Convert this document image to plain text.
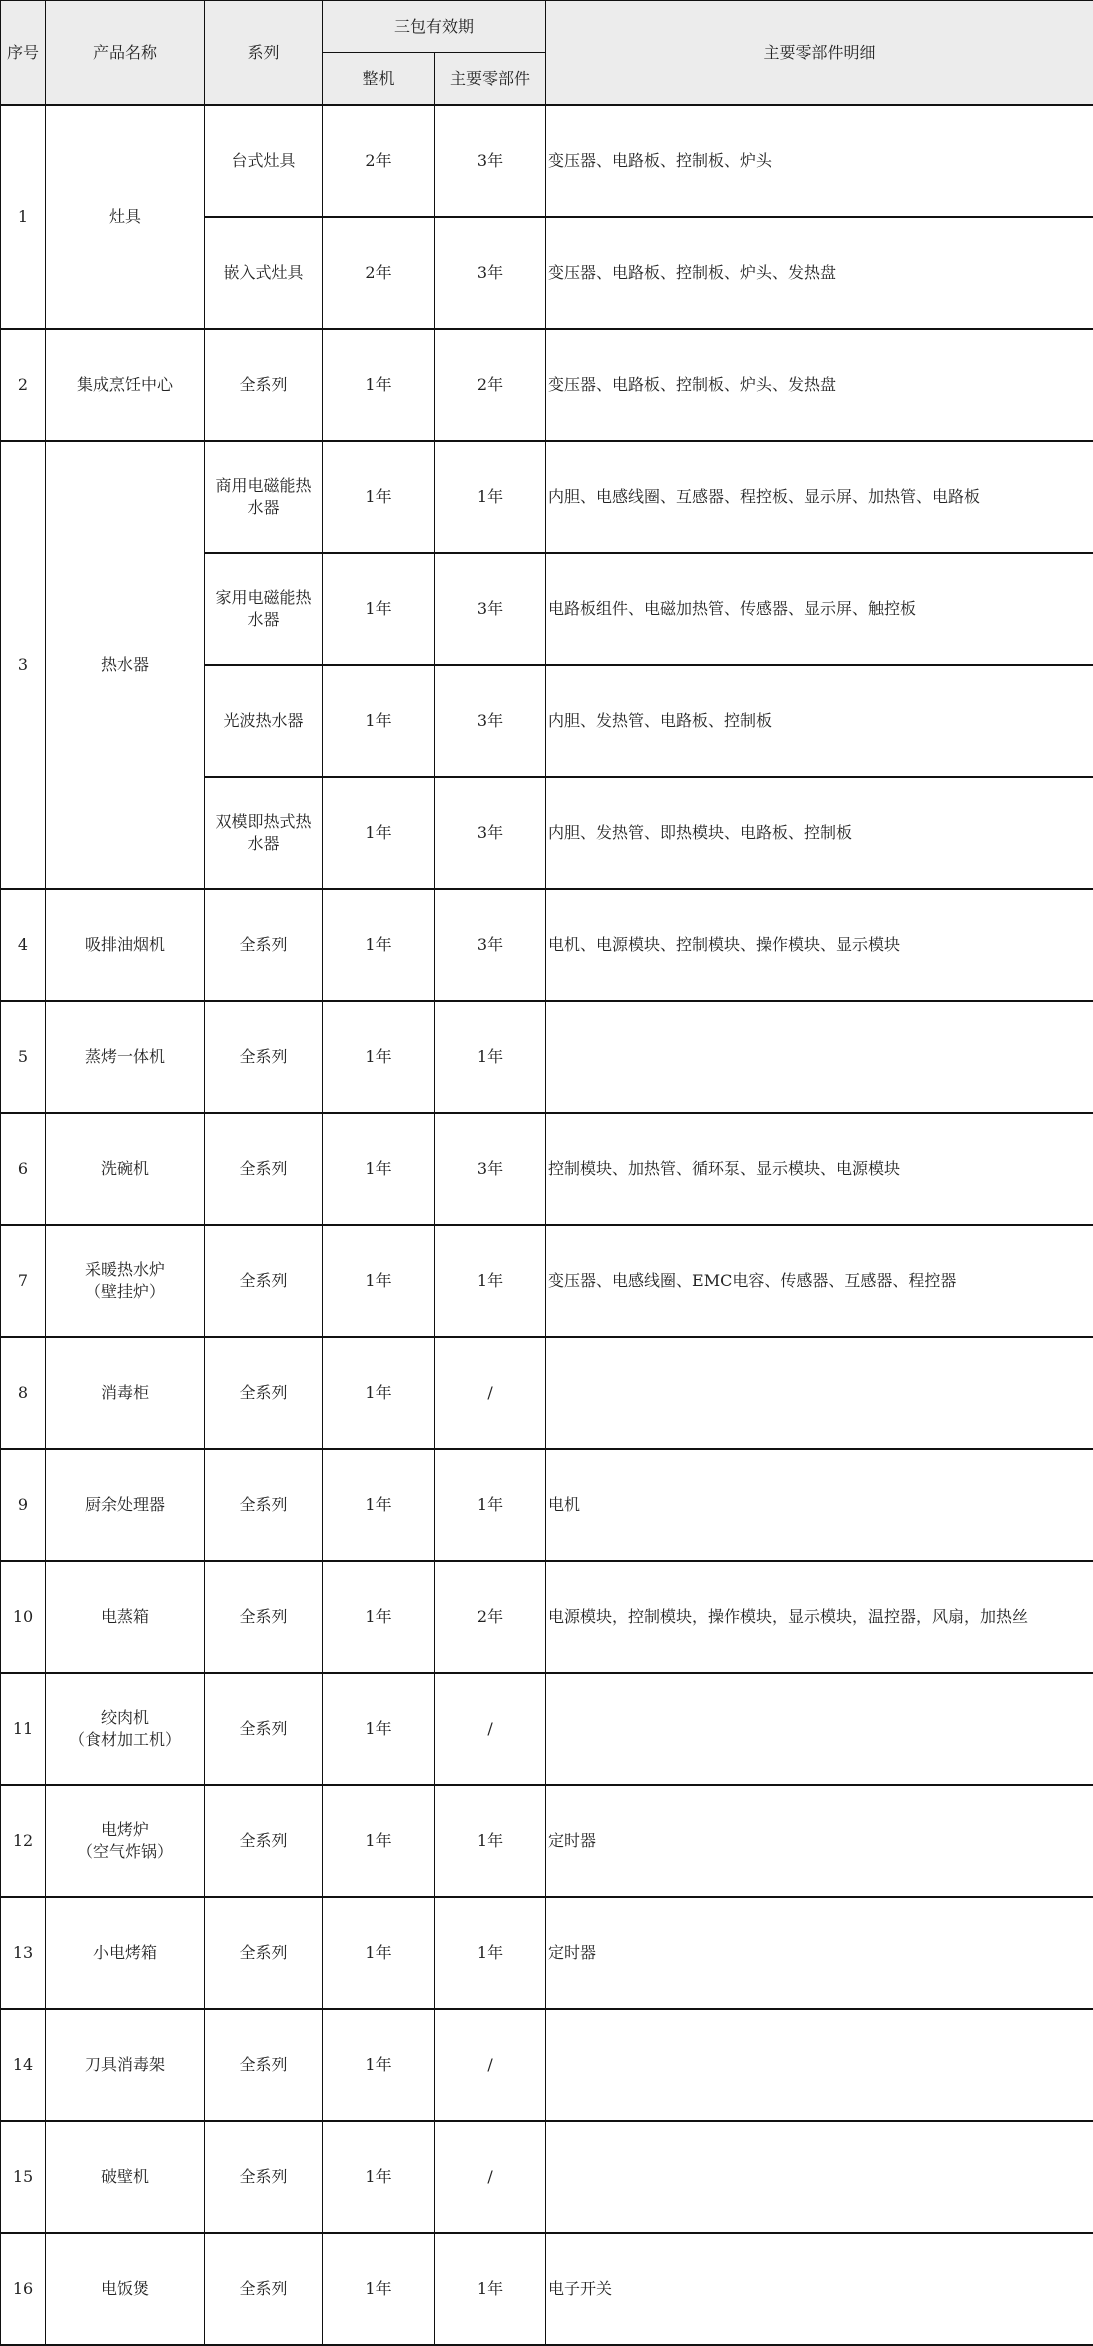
序号	产品名称	系列	三包有效期		主要零部件明细
			整机	主要零部件	
1	灶具	台式灶具	2年	3年	变压器、电路板、控制板、炉头

		嵌入式灶具	2年	3年	变压器、电路板、控制板、炉头、发热盘
2	集成烹饪中心	全系列	1年	2年	变压器、电路板、控制板、炉头、发热盘
3	热水器	商用电磁能热
水器	1年	1年	内胆、电感线圈、互感器、程控板、显示屏、加热管、电路板

		家用电磁能热
水器	1年	3年	电路板组件、电磁加热管、传感器、显示屏、触控板

		光波热水器	1年	3年	内胆、发热管、电路板、控制板

		双模即热式热
水器	1年	3年	内胆、发热管、即热模块、电路板、控制板
4	吸排油烟机	全系列	1年	3年	电机、电源模块、控制模块、操作模块、显示模块
5	蒸烤一体机	全系列	1年	1年	
6	洗碗机	全系列	1年	3年	控制模块、加热管、循环泵、显示模块、电源模块
7	采暖热水炉
（壁挂炉）	全系列	1年	1年	变压器、电感线圈、EMC电容、传感器、互感器、程控器
8	消毒柜	全系列	1年	/	
9	厨余处理器	全系列	1年	1年	电机
10	电蒸箱	全系列	1年	2年	电源模块，控制模块，操作模块，显示模块，温控器，风扇，加热丝
11	绞肉机
（食材加工机）	全系列	1年	/	
12	电烤炉
（空气炸锅）	全系列	1年	1年	定时器
13	小电烤箱	全系列	1年	1年	定时器
14	刀具消毒架	全系列	1年	/	
15	破壁机	全系列	1年	/	
16	电饭煲	全系列	1年	1年	电子开关
